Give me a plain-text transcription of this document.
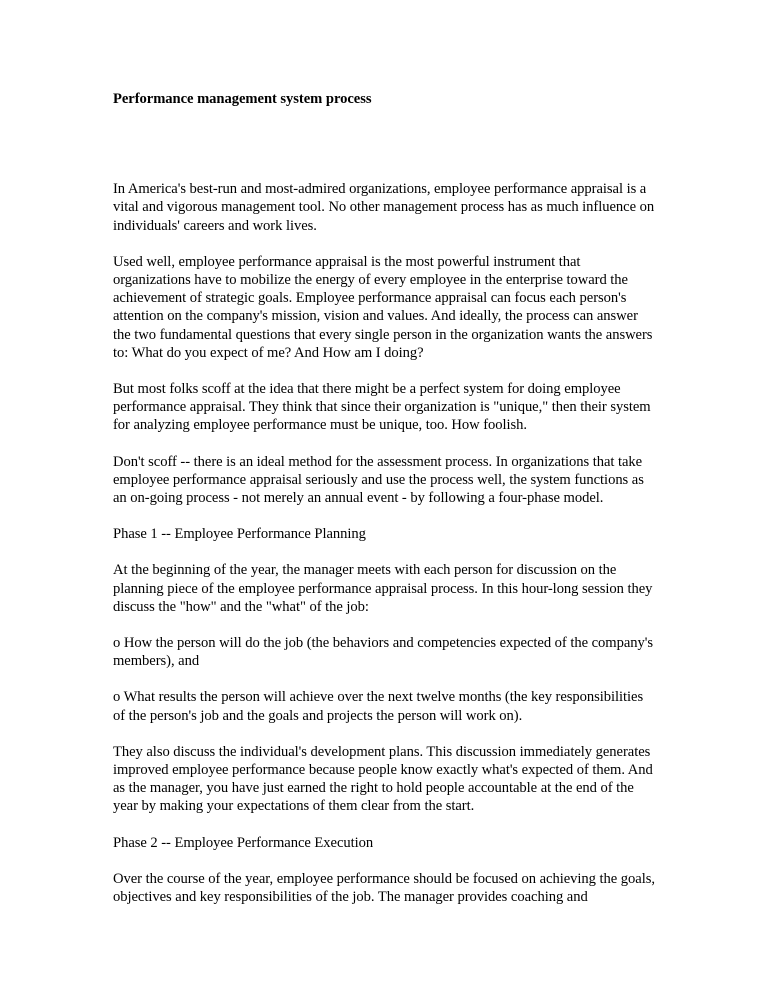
Performance management system process

In America's best-run and most-admired organizations, employee performance appraisal is a vital and vigorous management tool. No other management process has as much influence on individuals' careers and work lives.

Used well, employee performance appraisal is the most powerful instrument that organizations have to mobilize the energy of every employee in the enterprise toward the achievement of strategic goals. Employee performance appraisal can focus each person's attention on the company's mission, vision and values. And ideally, the process can answer the two fundamental questions that every single person in the organization wants the answers to: What do you expect of me? And How am I doing?

But most folks scoff at the idea that there might be a perfect system for doing employee performance appraisal. They think that since their organization is "unique," then their system for analyzing employee performance must be unique, too. How foolish.

Don't scoff -- there is an ideal method for the assessment process. In organizations that take employee performance appraisal seriously and use the process well, the system functions as an on-going process - not merely an annual event - by following a four-phase model.

Phase 1 -- Employee Performance Planning

At the beginning of the year, the manager meets with each person for discussion on the planning piece of the employee performance appraisal process. In this hour-long session they discuss the "how" and the "what" of the job:

o How the person will do the job (the behaviors and competencies expected of the company's members), and

o What results the person will achieve over the next twelve months (the key responsibilities of the person's job and the goals and projects the person will work on).

They also discuss the individual's development plans. This discussion immediately generates improved employee performance because people know exactly what's expected of them. And as the manager, you have just earned the right to hold people accountable at the end of the year by making your expectations of them clear from the start.

Phase 2 -- Employee Performance Execution

Over the course of the year, employee performance should be focused on achieving the goals, objectives and key responsibilities of the job. The manager provides coaching and
